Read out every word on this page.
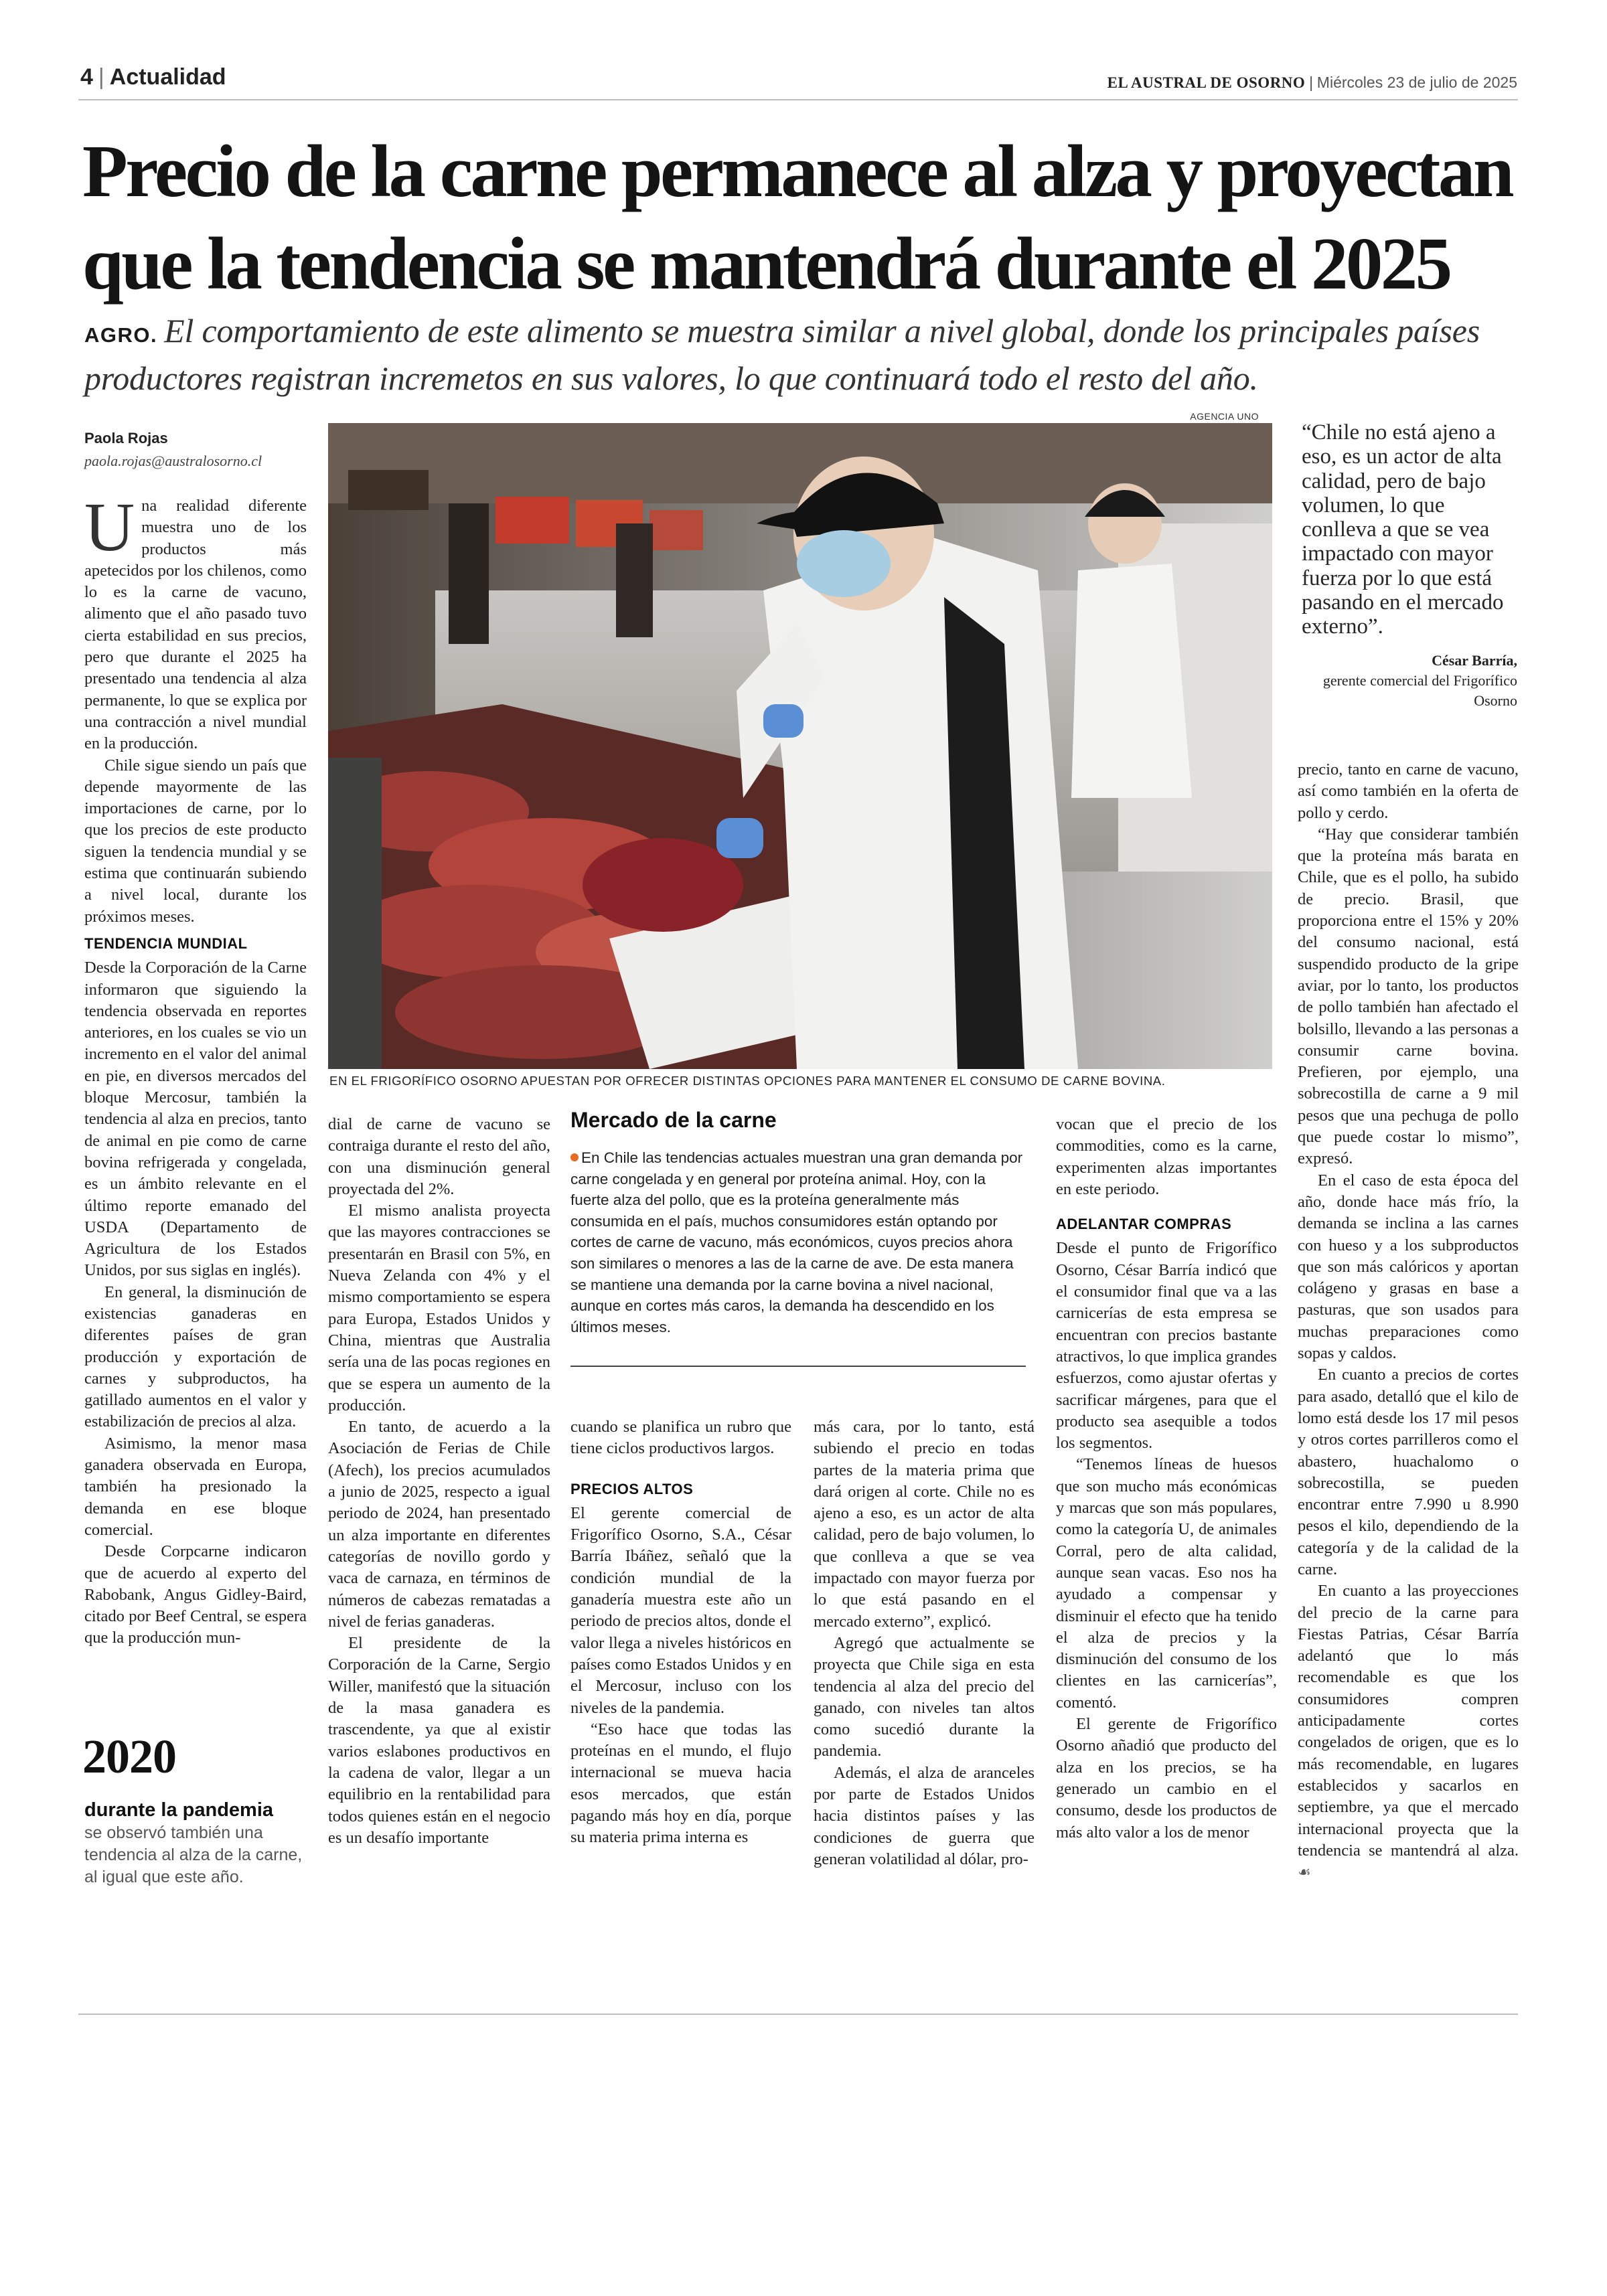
4 | Actualidad	EL AUSTRAL DE OSORNO | Miércoles 23 de julio de 2025
Precio de la carne permanece al alza y proyectan
que la tendencia se mantendrá durante el 2025
AGRO. El comportamiento de este alimento se muestra similar a nivel global, donde los principales países productores registran incremetos en sus valores, lo que continuará todo el resto del año.
Paola Rojas
paola.rojas@australosorno.cl

Una realidad diferente muestra uno de los productos más apetecidos por los chilenos, como lo es la carne de vacuno, alimento que el año pasado tuvo cierta estabilidad en sus precios, pero que durante el 2025 ha presentado una tendencia al alza permanente, lo que se explica por una contracción a nivel mundial en la producción.

Chile sigue siendo un país que depende mayormente de las importaciones de carne, por lo que los precios de este producto siguen la tendencia mundial y se estima que continuarán subiendo a nivel local, durante los próximos meses.

TENDENCIA MUNDIAL

Desde la Corporación de la Carne informaron que siguiendo la tendencia observada en reportes anteriores, en los cuales se vio un incremento en el valor del animal en pie, en diversos mercados del bloque Mercosur, también la tendencia al alza en precios, tanto de animal en pie como de carne bovina refrigerada y congelada, es un ámbito relevante en el último reporte emanado del USDA (Departamento de Agricultura de los Estados Unidos, por sus siglas en inglés).

En general, la disminución de existencias ganaderas en diferentes países de gran producción y exportación de carnes y subproductos, ha gatillado aumentos en el valor y estabilización de precios al alza.

Asimismo, la menor masa ganadera observada en Europa, también ha presionado la demanda en ese bloque comercial.

Desde Corpcarne indicaron que de acuerdo al experto del Rabobank, Angus Gidley-Baird, citado por Beef Central, se espera que la producción mun-

2020
durante la pandemia
se observó también una tendencia al alza de la carne, al igual que este año.
AGENCIA UNO
EN EL FRIGORÍFICO OSORNO APUESTAN POR OFRECER DISTINTAS OPCIONES PARA MANTENER EL CONSUMO DE CARNE BOVINA.
“Chile no está ajeno a eso, es un actor de alta calidad, pero de bajo volumen, lo que conlleva a que se vea impactado con mayor fuerza por lo que está pasando en el mercado externo”.
César Barría,
gerente comercial del Frigorífico Osorno
Mercado de la carne

En Chile las tendencias actuales muestran una gran demanda por carne congelada y en general por proteína animal. Hoy, con la fuerte alza del pollo, que es la proteína generalmente más consumida en el país, muchos consumidores están optando por cortes de carne de vacuno, más económicos, cuyos precios ahora son similares o menores a las de la carne de ave. De esta manera se mantiene una demanda por la carne bovina a nivel nacional, aunque en cortes más caros, la demanda ha descendido en los últimos meses.

dial de carne de vacuno se contraiga durante el resto del año, con una disminución general proyectada del 2%.

El mismo analista proyecta que las mayores contracciones se presentarán en Brasil con 5%, en Nueva Zelanda con 4% y el mismo comportamiento se espera para Europa, Estados Unidos y China, mientras que Australia sería una de las pocas regiones en que se espera un aumento de la producción.

En tanto, de acuerdo a la Asociación de Ferias de Chile (Afech), los precios acumulados a junio de 2025, respecto a igual periodo de 2024, han presentado un alza importante en diferentes categorías de novillo gordo y vaca de carnaza, en términos de números de cabezas rematadas a nivel de ferias ganaderas.

El presidente de la Corporación de la Carne, Sergio Willer, manifestó que la situación de la masa ganadera es trascendente, ya que al existir varios eslabones productivos en la cadena de valor, llegar a un equilibrio en la rentabilidad para todos quienes están en el negocio es un desafío importante

cuando se planifica un rubro que tiene ciclos productivos largos.

PRECIOS ALTOS

El gerente comercial de Frigorífico Osorno, S.A., César Barría Ibáñez, señaló que la condición mundial de la ganadería muestra este año un periodo de precios altos, donde el valor llega a niveles históricos en países como Estados Unidos y en el Mercosur, incluso con los niveles de la pandemia.

“Eso hace que todas las proteínas en el mundo, el flujo internacional se mueva hacia esos mercados, que están pagando más hoy en día, porque su materia prima interna es

más cara, por lo tanto, está subiendo el precio en todas partes de la materia prima que dará origen al corte. Chile no es ajeno a eso, es un actor de alta calidad, pero de bajo volumen, lo que conlleva a que se vea impactado con mayor fuerza por lo que está pasando en el mercado externo”, explicó.

Agregó que actualmente se proyecta que Chile siga en esta tendencia al alza del precio del ganado, con niveles tan altos como sucedió durante la pandemia.

Además, el alza de aranceles por parte de Estados Unidos hacia distintos países y las condiciones de guerra que generan volatilidad al dólar, pro-

vocan que el precio de los commodities, como es la carne, experimenten alzas importantes en este periodo.

ADELANTAR COMPRAS

Desde el punto de Frigorífico Osorno, César Barría indicó que el consumidor final que va a las carnicerías de esta empresa se encuentran con precios bastante atractivos, lo que implica grandes esfuerzos, como ajustar ofertas y sacrificar márgenes, para que el producto sea asequible a todos los segmentos.

“Tenemos líneas de huesos que son mucho más económicas y marcas que son más populares, como la categoría U, de animales Corral, pero de alta calidad, aunque sean vacas. Eso nos ha ayudado a compensar y disminuir el efecto que ha tenido el alza de precios y la disminución del consumo de los clientes en las carnicerías”, comentó.

El gerente de Frigorífico Osorno añadió que producto del alza en los precios, se ha generado un cambio en el consumo, desde los productos de más alto valor a los de menor

precio, tanto en carne de vacuno, así como también en la oferta de pollo y cerdo.

“Hay que considerar también que la proteína más barata en Chile, que es el pollo, ha subido de precio. Brasil, que proporciona entre el 15% y 20% del consumo nacional, está suspendido producto de la gripe aviar, por lo tanto, los productos de pollo también han afectado el bolsillo, llevando a las personas a consumir carne bovina. Prefieren, por ejemplo, una sobrecostilla de carne a 9 mil pesos que una pechuga de pollo que puede costar lo mismo”, expresó.

En el caso de esta época del año, donde hace más frío, la demanda se inclina a las carnes con hueso y a los subproductos que son más calóricos y aportan colágeno y grasas en base a pasturas, que son usados para muchas preparaciones como sopas y caldos.

En cuanto a precios de cortes para asado, detalló que el kilo de lomo está desde los 17 mil pesos y otros cortes parrilleros como el abastero, huachalomo o sobrecostilla, se pueden encontrar entre 7.990 u 8.990 pesos el kilo, dependiendo de la categoría y de la calidad de la carne.

En cuanto a las proyecciones del precio de la carne para Fiestas Patrias, César Barría adelantó que lo más recomendable es que los consumidores compren anticipadamente cortes congelados de origen, que es lo más recomendable, en lugares establecidos y sacarlos en septiembre, ya que el mercado internacional proyecta que la tendencia se mantendrá al alza. ☙
